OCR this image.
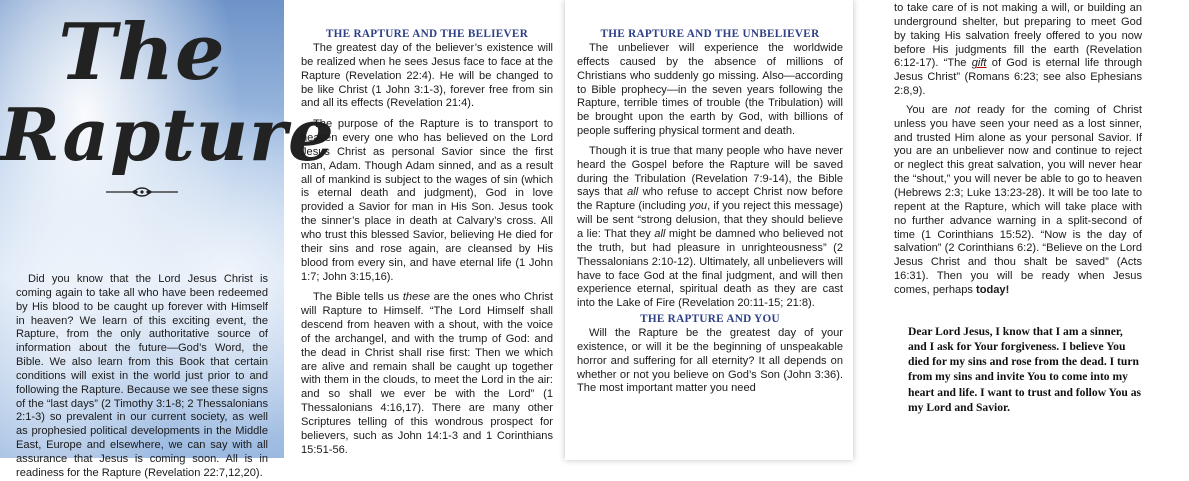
The
Rapture
Did you know that the Lord Jesus Christ is coming again to take all who have been redeemed by His blood to be caught up forever with Himself in heaven? We learn of this exciting event, the Rapture, from the only authoritative source of information about the future—God’s Word, the Bible. We also learn from this Book that certain conditions will exist in the world just prior to and following the Rapture. Because we see these signs of the “last days” (2 Timothy 3:1-8; 2 Thessalonians 2:1-3) so prevalent in our current society, as well as prophesied political developments in the Middle East, Europe and elsewhere, we can say with all assurance that Jesus is coming soon. All is in readiness for the Rapture (Revelation 22:7,12,20).
THE RAPTURE AND THE BELIEVER

The greatest day of the believer’s existence will be realized when he sees Jesus face to face at the Rapture (Revelation 22:4). He will be changed to be like Christ (1 John 3:1-3), forever free from sin and all its effects (Revelation 21:4).

The purpose of the Rapture is to transport to heaven every one who has believed on the Lord Jesus Christ as personal Savior since the first man, Adam. Though Adam sinned, and as a result all of mankind is subject to the wages of sin (which is eternal death and judgment), God in love provided a Savior for man in His Son. Jesus took the sinner’s place in death at Calvary’s cross. All who trust this blessed Savior, believing He died for their sins and rose again, are cleansed by His blood from every sin, and have eternal life (1 John 1:7; John 3:15,16).

The Bible tells us these are the ones who Christ will Rapture to Himself. “The Lord Himself shall descend from heaven with a shout, with the voice of the archangel, and with the trump of God: and the dead in Christ shall rise first: Then we which are alive and remain shall be caught up together with them in the clouds, to meet the Lord in the air: and so shall we ever be with the Lord” (1 Thessalonians 4:16,17). There are many other Scriptures telling of this wondrous prospect for believers, such as John 14:1-3 and 1 Corinthians 15:51-56.

THE RAPTURE AND THE UNBELIEVER

The unbeliever will experience the worldwide effects caused by the absence of millions of Christians who suddenly go missing. Also—according to Bible prophecy—in the seven years following the Rapture, terrible times of trouble (the Tribulation) will be brought upon the earth by God, with billions of people suffering physical torment and death.

Though it is true that many people who have never heard the Gospel before the Rapture will be saved during the Tribulation (Revelation 7:9-14), the Bible says that all who refuse to accept Christ now before the Rapture (including you, if you reject this message) will be sent “strong delusion, that they should believe a lie: That they all might be damned who believed not the truth, but had pleasure in unrighteousness” (2 Thessalonians 2:10-12). Ultimately, all unbelievers will have to face God at the final judgment, and will then experience eternal, spiritual death as they are cast into the Lake of Fire (Revelation 20:11-15; 21:8).

THE RAPTURE AND YOU

Will the Rapture be the greatest day of your existence, or will it be the beginning of unspeakable horror and suffering for all eternity? It all depends on whether or not you believe on God’s Son (John 3:36). The most important matter you need

to take care of is not making a will, or building an underground shelter, but preparing to meet God by taking His salvation freely offered to you now before His judgments fill the earth (Revelation 6:12-17). “The gift of God is eternal life through Jesus Christ” (Romans 6:23; see also Ephesians 2:8,9).

You are not ready for the coming of Christ unless you have seen your need as a lost sinner, and trusted Him alone as your personal Savior. If you are an unbeliever now and continue to reject or neglect this great salvation, you will never hear the “shout,” you will never be able to go to heaven (Hebrews 2:3; Luke 13:23-28). It will be too late to repent at the Rapture, which will take place with no further advance warning in a split-second of time (1 Corinthians 15:52). “Now is the day of salvation” (2 Corinthians 6:2). “Believe on the Lord Jesus Christ and thou shalt be saved” (Acts 16:31). Then you will be ready when Jesus comes, perhaps today!

Dear Lord Jesus, I know that I am a sinner, and I ask for Your forgiveness. I believe You died for my sins and rose from the dead. I turn from my sins and invite You to come into my heart and life. I want to trust and follow You as my Lord and Savior.
